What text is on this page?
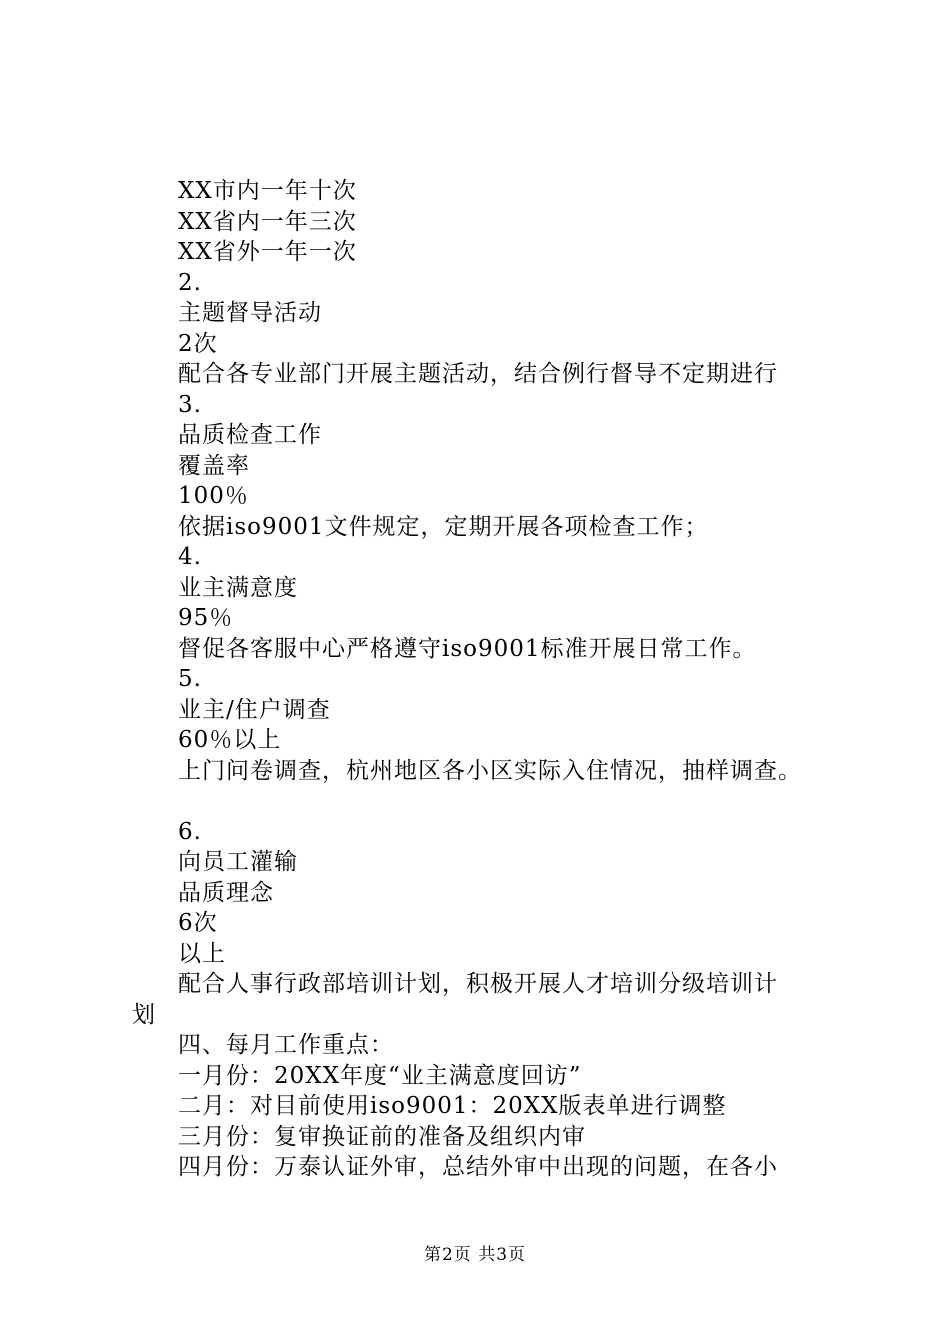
XX市内一年十次
XX省内一年三次
XX省外一年一次
2.
主题督导活动
2次
配合各专业部门开展主题活动，结合例行督导不定期进行
3.
品质检查工作
覆盖率
100％
依据iso9001文件规定，定期开展各项检查工作；
4.
业主满意度
95％
督促各客服中心严格遵守iso9001标准开展日常工作。
5.
业主/住户调查
60％以上
上门问卷调查，杭州地区各小区实际入住情况，抽样调查。
6.
向员工灌输
品质理念
6次
以上
配合人事行政部培训计划，积极开展人才培训分级培训计
划
四、每月工作重点：
一月份：20XX年度“业主满意度回访”
二月：对目前使用iso9001：20XX版表单进行调整
三月份：复审换证前的准备及组织内审
四月份：万泰认证外审，总结外审中出现的问题，在各小
第2页 共3页
